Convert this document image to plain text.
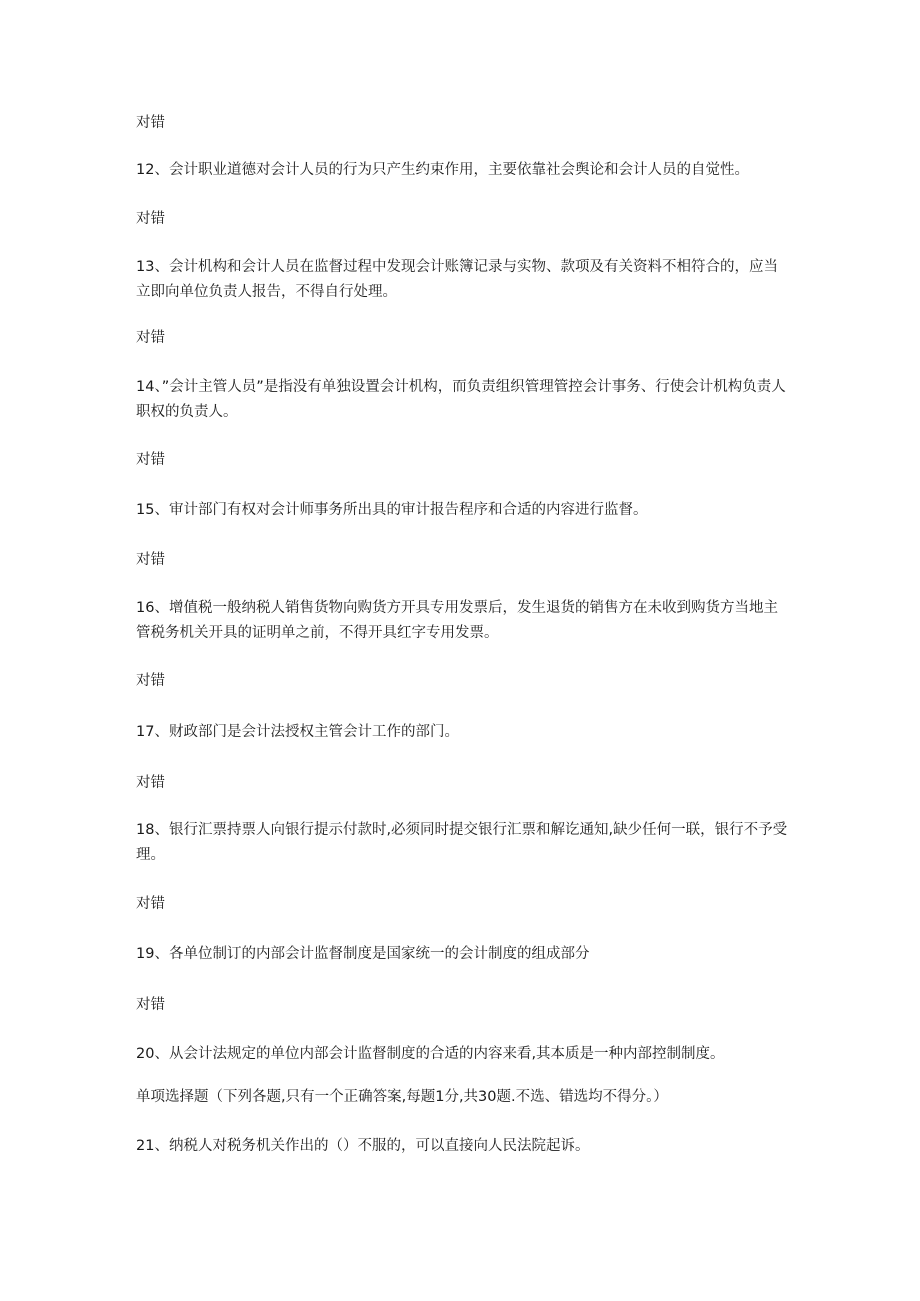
对错
12、会计职业道德对会计人员的行为只产生约束作用，主要依靠社会舆论和会计人员的自觉性。
对错
13、会计机构和会计人员在监督过程中发现会计账簿记录与实物、款项及有关资料不相符合的，应当立即向单位负责人报告，不得自行处理。
对错
14、”会计主管人员”是指没有单独设置会计机构，而负责组织管理管控会计事务、行使会计机构负责人职权的负责人。
对错
15、审计部门有权对会计师事务所出具的审计报告程序和合适的内容进行监督。
对错
16、增值税一般纳税人销售货物向购货方开具专用发票后，发生退货的销售方在未收到购货方当地主管税务机关开具的证明单之前，不得开具红字专用发票。
对错
17、财政部门是会计法授权主管会计工作的部门。
对错
18、银行汇票持票人向银行提示付款时,必须同时提交银行汇票和解讫通知,缺少任何一联，银行不予受理。
对错
19、各单位制订的内部会计监督制度是国家统一的会计制度的组成部分
对错
20、从会计法规定的单位内部会计监督制度的合适的内容来看,其本质是一种内部控制制度。
单项选择题（下列各题,只有一个正确答案,每题1分,共30题.不选、错选均不得分。）
21、纳税人对税务机关作出的（）不服的，可以直接向人民法院起诉。
